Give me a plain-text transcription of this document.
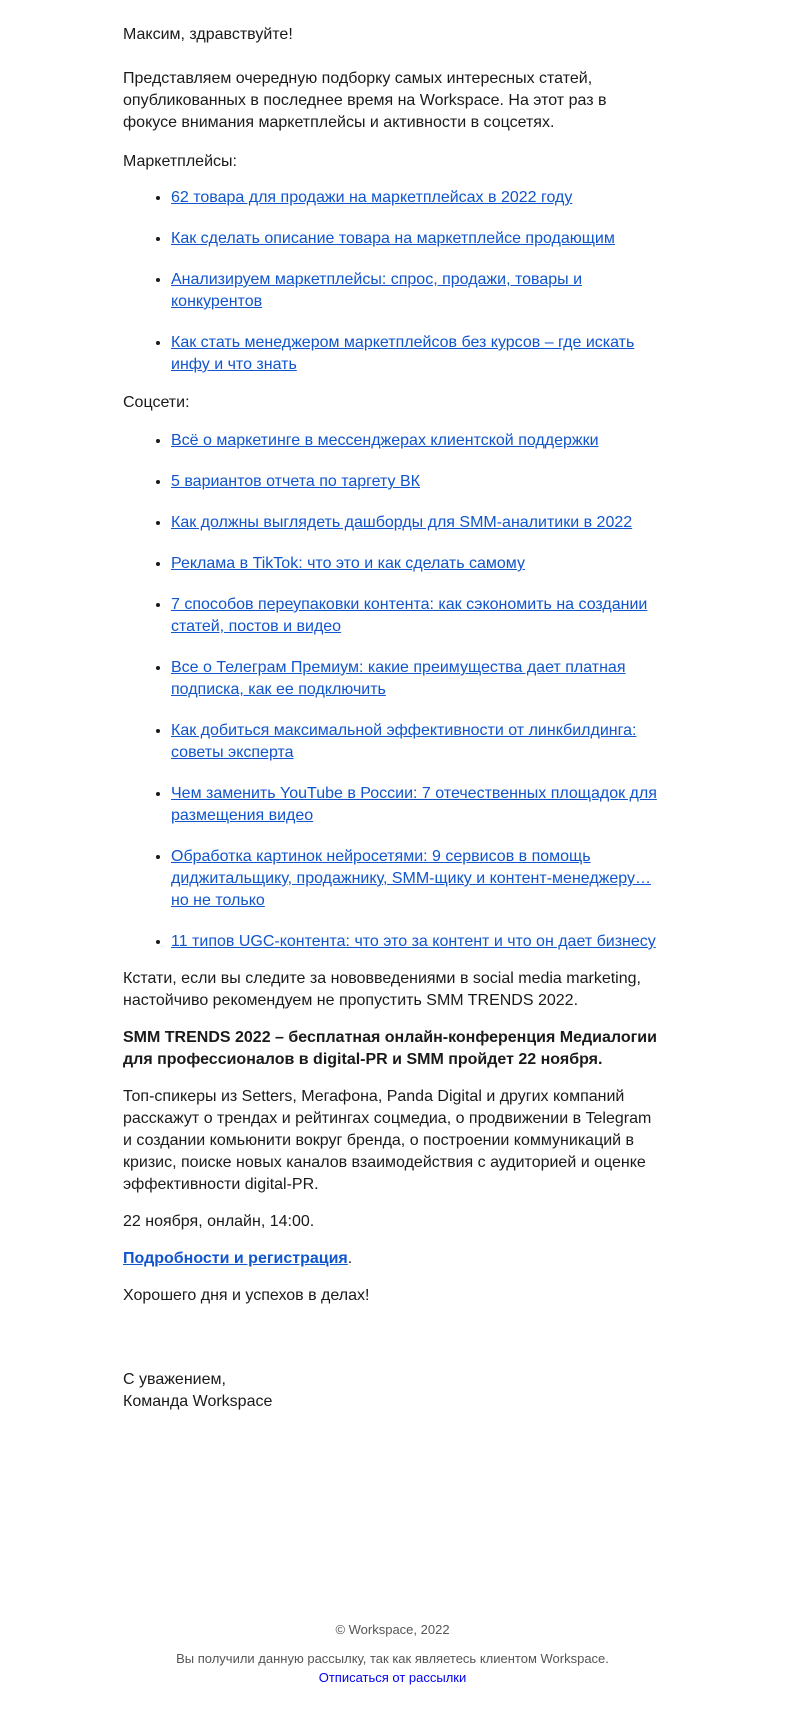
Максим, здравствуйте!

Представляем очередную подборку самых интересных статей, опубликованных в последнее время на Workspace. На этот раз в фокусе внимания маркетплейсы и активности в соцсетях.
Маркетплейсы:
• 62 товара для продажи на маркетплейсах в 2022 году
• Как сделать описание товара на маркетплейсе продающим
• Анализируем маркетплейсы: спрос, продажи, товары и конкурентов
• Как стать менеджером маркетплейсов без курсов – где искать инфу и что знать
Соцсети:
• Всё о маркетинге в мессенджерах клиентской поддержки
• 5 вариантов отчета по таргету ВК
• Как должны выглядеть дашборды для SMM-аналитики в 2022
• Реклама в TikTok: что это и как сделать самому
• 7 способов переупаковки контента: как сэкономить на создании статей, постов и видео
• Все о Телеграм Премиум: какие преимущества дает платная подписка, как ее подключить
• Как добиться максимальной эффективности от линкбилдинга: советы эксперта
• Чем заменить YouTube в России: 7 отечественных площадок для размещения видео
• Обработка картинок нейросетями: 9 сервисов в помощь диджитальщику, продажнику, SMM-щику и контент-менеджеру… но не только
• 11 типов UGC-контента: что это за контент и что он дает бизнесу
Кстати, если вы следите за нововведениями в social media marketing, настойчиво рекомендуем не пропустить SMM TRENDS 2022.
SMM TRENDS 2022 – бесплатная онлайн-конференция Медиалогии для профессионалов в digital-PR и SMM пройдет 22 ноября.
Топ-спикеры из Setters, Мегафона, Panda Digital и других компаний расскажут о трендах и рейтингах соцмедиа, о продвижении в Telegram и создании комьюнити вокруг бренда, о построении коммуникаций в кризис, поиске новых каналов взаимодействия с аудиторией и оценке эффективности digital-PR.
22 ноября, онлайн, 14:00.
Подробности и регистрация.
Хорошего дня и успехов в делах!
С уважением,
Команда Workspace

© Workspace, 2022

Вы получили данную рассылку, так как являетесь клиентом Workspace.
Отписаться от рассылки
